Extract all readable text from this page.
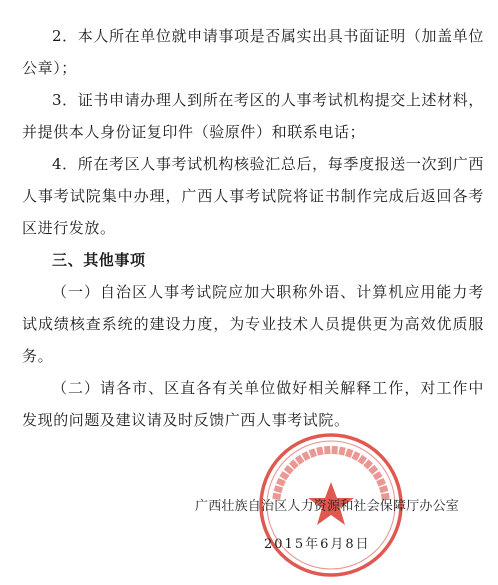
2．本人所在单位就申请事项是否属实出具书面证明（加盖单位公章）；

3．证书申请办理人到所在考区的人事考试机构提交上述材料，并提供本人身份证复印件（验原件）和联系电话；

4．所在考区人事考试机构核验汇总后，每季度报送一次到广西人事考试院集中办理，广西人事考试院将证书制作完成后返回各考区进行发放。

三、其他事项

（一）自治区人事考试院应加大职称外语、计算机应用能力考试成绩核查系统的建设力度，为专业技术人员提供更为高效优质服务。

（二）请各市、区直各有关单位做好相关解释工作，对工作中发现的问题及建议请及时反馈广西人事考试院。

广西壮族自治区人力资源和社会保障厅办公室
2015年6月8日
